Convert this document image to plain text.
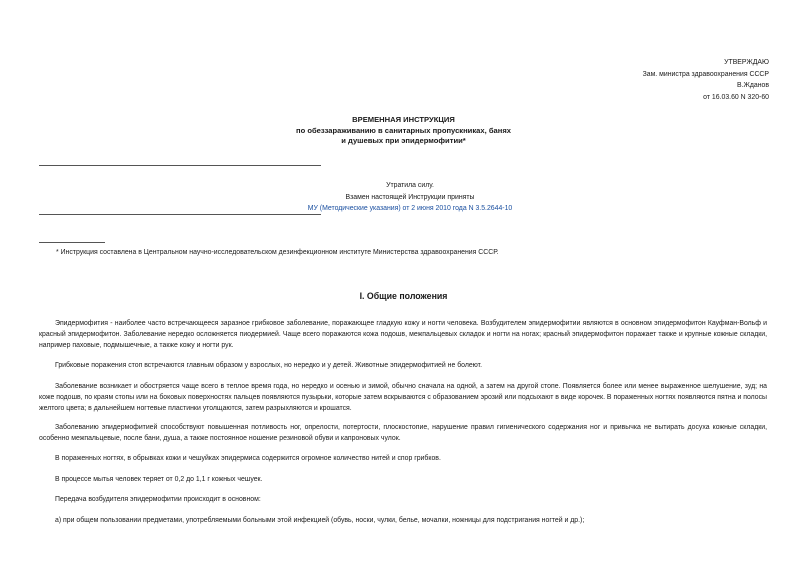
УТВЕРЖДАЮ
Зам. министра здравоохранения СССР
В.Жданов
от 16.03.60 N 320-60
ВРЕМЕННАЯ ИНСТРУКЦИЯ
по обеззараживанию в санитарных пропускниках, банях
и душевых при эпидермофитии*
Утратила силу.
Взамен настоящей Инструкции приняты
МУ (Методические указания) от 2 июня 2010 года N 3.5.2644-10
* Инструкция составлена в Центральном научно-исследовательском дезинфекционном институте Министерства здравоохранения СССР.
I. Общие положения
Эпидермофития - наиболее часто встречающееся заразное грибковое заболевание, поражающее гладкую кожу и ногти человека. Возбудителем эпидермофитии являются в основном эпидермофитон Кауфман-Вольф и красный эпидермофитон. Заболевание нередко осложняется пиодермией. Чаще всего поражаются кожа подошв, межпальцевых складок и ногти на ногах; красный эпидермофитон поражает также и крупные кожные складки, например паховые, подмышечные, а также кожу и ногти рук.
Грибковые поражения стоп встречаются главным образом у взрослых, но нередко и у детей. Животные эпидермофитией не болеют.
Заболевание возникает и обостряется чаще всего в теплое время года, но нередко и осенью и зимой, обычно сначала на одной, а затем на другой стопе. Появляется более или менее выраженное шелушение, зуд; на коже подошв, по краям стопы или на боковых поверхностях пальцев появляются пузырьки, которые затем вскрываются с образованием эрозий или подсыхают в виде корочек. В пораженных ногтях появляются пятна и полосы желтого цвета; в дальнейшем ногтевые пластинки утолщаются, затем разрыхляются и крошатся.
Заболеванию эпидермофитией способствуют повышенная потливость ног, опрелости, потертости, плоскостопие, нарушение правил гигиенического содержания ног и привычка не вытирать досуха кожные складки, особенно межпальцевые, после бани, душа, а также постоянное ношение резиновой обуви и капроновых чулок.
В пораженных ногтях, в обрывках кожи и чешуйках эпидермиса содержится огромное количество нитей и спор грибков.
В процессе мытья человек теряет от 0,2 до 1,1 г кожных чешуек.
Передача возбудителя эпидермофитии происходит в основном:
а) при общем пользовании предметами, употребляемыми больными этой инфекцией (обувь, носки, чулки, белье, мочалки, ножницы для подстригания ногтей и др.);
